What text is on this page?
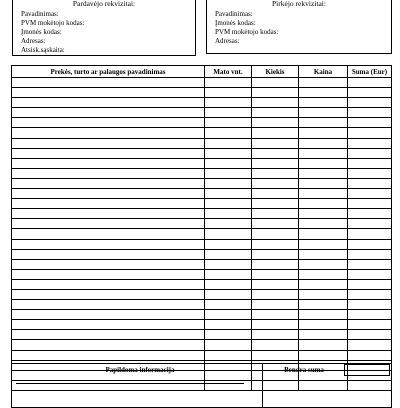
Pardavėjo rekvizitai:
Pavadinimas:
PVM mokėtojo kodas:
Įmonės kodas:
Adresas:
Atsisk.sąskaita:
Pirkėjo rekvizitai:
Pavadinimas:
Įmonės kodas:
PVM mokėtojo kodas:
Adresas:
Prekės, turto ar palaugos pavadinimas	Mato vnt.	Kiekis	Kaina	Suma (Eur)

Papildoma informacija	Bendra suma
